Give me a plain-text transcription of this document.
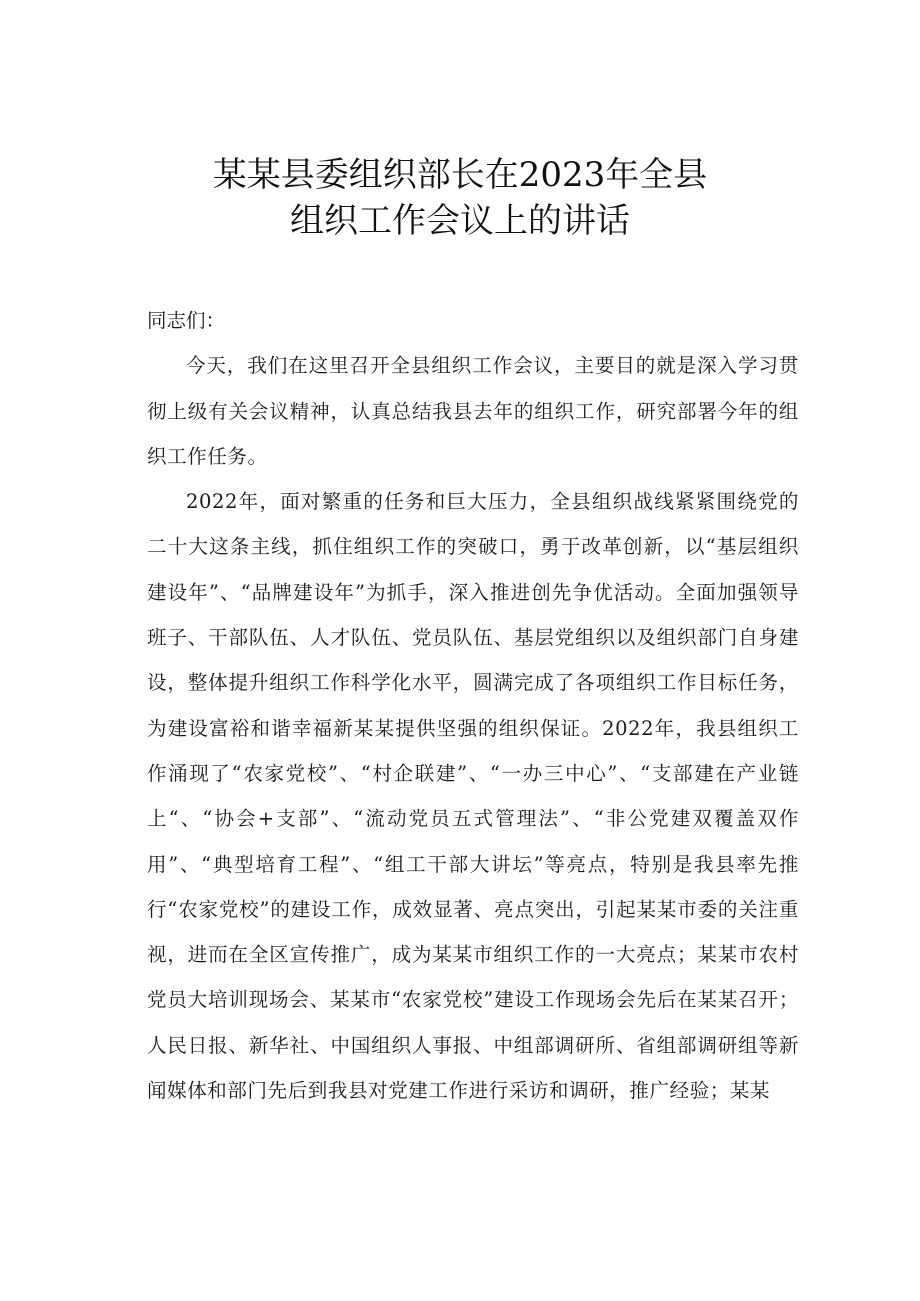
某某县委组织部长在2023年全县
组织工作会议上的讲话

同志们：

今天，我们在这里召开全县组织工作会议，主要目的就是深入学习贯彻上级有关会议精神，认真总结我县去年的组织工作，研究部署今年的组织工作任务。

2022年，面对繁重的任务和巨大压力，全县组织战线紧紧围绕党的二十大这条主线，抓住组织工作的突破口，勇于改革创新，以“基层组织建设年”、“品牌建设年”为抓手，深入推进创先争优活动。全面加强领导班子、干部队伍、人才队伍、党员队伍、基层党组织以及组织部门自身建设，整体提升组织工作科学化水平，圆满完成了各项组织工作目标任务，为建设富裕和谐幸福新某某提供坚强的组织保证。2022年，我县组织工作涌现了“农家党校”、“村企联建”、“一办三中心”、“支部建在产业链上“、“协会+支部”、“流动党员五式管理法”、“非公党建双覆盖双作用”、“典型培育工程”、“组工干部大讲坛”等亮点，特别是我县率先推行“农家党校”的建设工作，成效显著、亮点突出，引起某某市委的关注重视，进而在全区宣传推广，成为某某市组织工作的一大亮点；某某市农村党员大培训现场会、某某市“农家党校”建设工作现场会先后在某某召开；人民日报、新华社、中国组织人事报、中组部调研所、省组部调研组等新闻媒体和部门先后到我县对党建工作进行采访和调研，推广经验；某某
